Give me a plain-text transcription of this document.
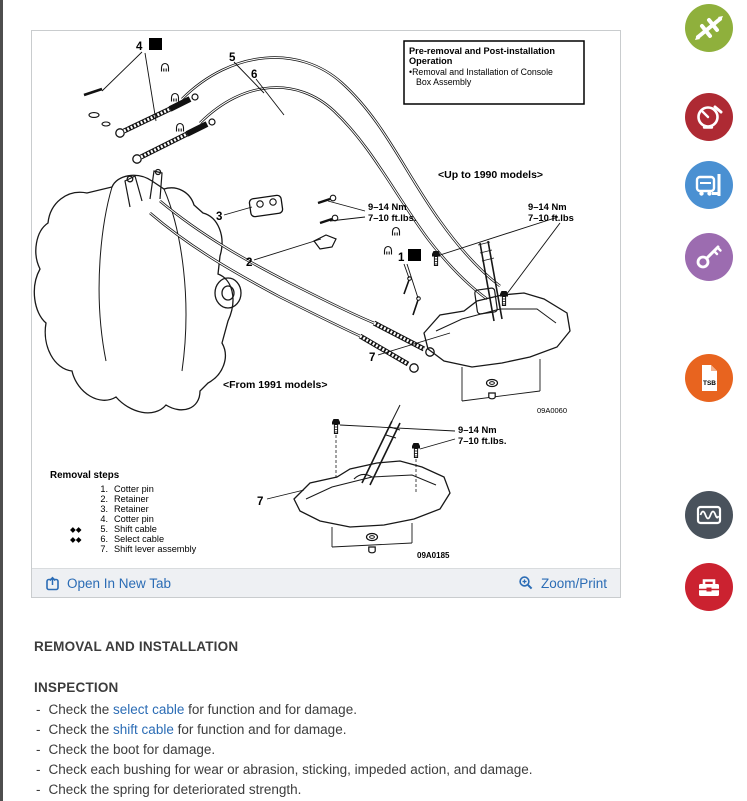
Pre-removal and Post-installation
Operation
•Removal and Installation of Console
Box Assembly
<Up to 1990 models>
<From 1991 models>
4 N
5
6
3
2	1 N
7
7
9–14 Nm
7–10 ft.lbs.
9–14 Nm
7–10 ft.lbs
9–14 Nm
7–10 ft.lbs.
09A0060
09A0185
Removal steps
◆◆
◆◆
1. Cotter pin
2. Retainer
3. Retainer
4. Cotter pin
5. Shift cable
6. Select cable
7. Shift lever assembly
Open In New Tab	Zoom/Print
REMOVAL AND INSTALLATION
INSPECTION
- Check the select cable for function and for damage.
- Check the shift cable for function and for damage.
- Check the boot for damage.
- Check each bushing for wear or abrasion, sticking, impeded action, and damage.
- Check the spring for deteriorated strength.
TSB
